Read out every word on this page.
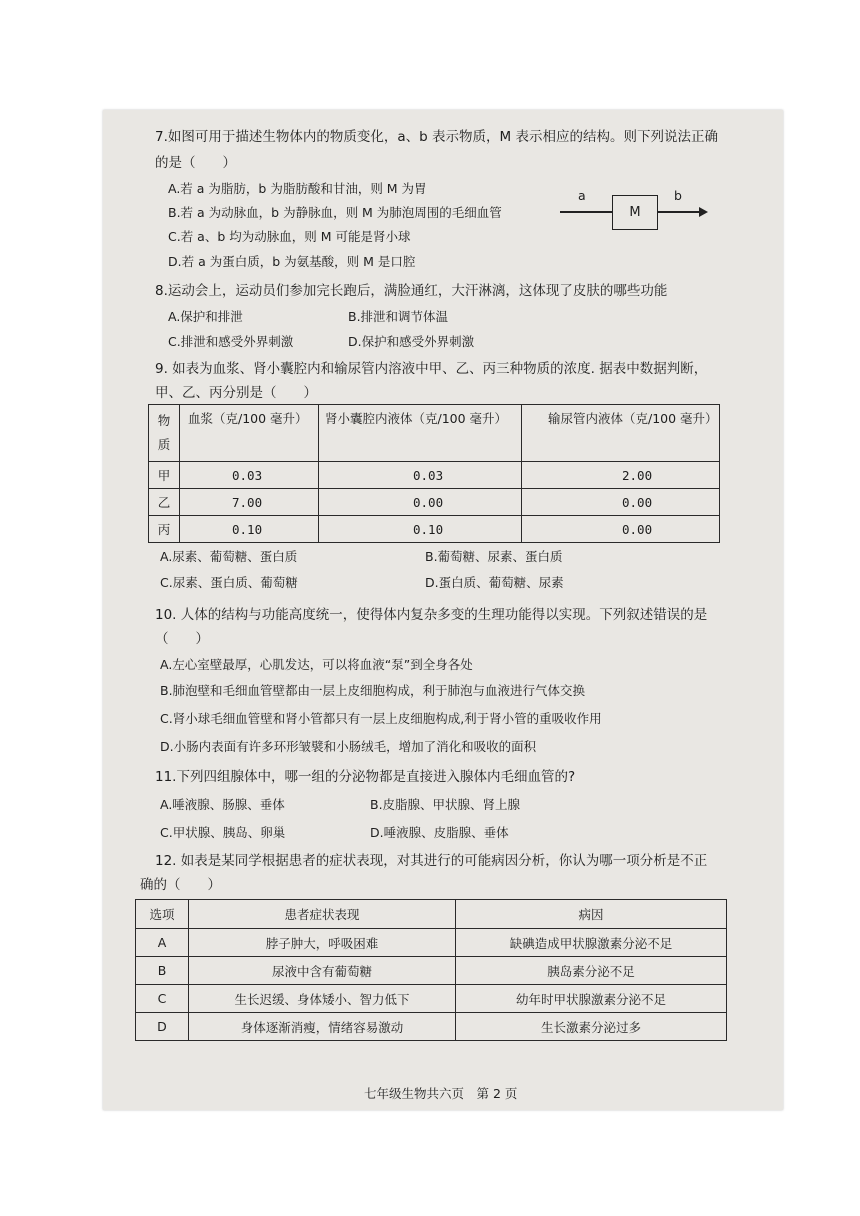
7.如图可用于描述生物体内的物质变化，a、b 表示物质，M 表示相应的结构。则下列说法正确
的是（　　）
A.若 a 为脂肪，b 为脂肪酸和甘油，则 M 为胃
B.若 a 为动脉血，b 为静脉血，则 M 为肺泡周围的毛细血管
C.若 a、b 均为动脉血，则 M 可能是肾小球
D.若 a 为蛋白质，b 为氨基酸，则 M 是口腔
a
M
b
8.运动会上，运动员们参加完长跑后，满脸通红，大汗淋漓，这体现了皮肤的哪些功能
A.保护和排泄	B.排泄和调节体温
C.排泄和感受外界刺激	D.保护和感受外界刺激
9. 如表为血浆、肾小囊腔内和输尿管内溶液中甲、乙、丙三种物质的浓度. 据表中数据判断，
甲、乙、丙分别是（　　）
物
质	血浆（克/100 毫升）	肾小囊腔内液体（克/100 毫升）	输尿管内液体（克/100 毫升）
甲	0.03	0.03	2.00
乙	7.00	0.00	0.00
丙	0.10	0.10	0.00
A.尿素、葡萄糖、蛋白质	B.葡萄糖、尿素、蛋白质
C.尿素、蛋白质、葡萄糖	D.蛋白质、葡萄糖、尿素
10. 人体的结构与功能高度统一，使得体内复杂多变的生理功能得以实现。下列叙述错误的是
（　　）
A.左心室壁最厚，心肌发达，可以将血液“泵”到全身各处
B.肺泡壁和毛细血管壁都由一层上皮细胞构成，利于肺泡与血液进行气体交换
C.肾小球毛细血管壁和肾小管都只有一层上皮细胞构成,利于肾小管的重吸收作用
D.小肠内表面有许多环形皱襞和小肠绒毛，增加了消化和吸收的面积
11.下列四组腺体中，哪一组的分泌物都是直接进入腺体内毛细血管的?
A.唾液腺、肠腺、垂体	B.皮脂腺、甲状腺、肾上腺
C.甲状腺、胰岛、卵巢	D.唾液腺、皮脂腺、垂体
12. 如表是某同学根据患者的症状表现，对其进行的可能病因分析，你认为哪一项分析是不正
确的（　　）
选项	患者症状表现	病因
A	脖子肿大，呼吸困难	缺碘造成甲状腺激素分泌不足
B	尿液中含有葡萄糖	胰岛素分泌不足
C	生长迟缓、身体矮小、智力低下	幼年时甲状腺激素分泌不足
D	身体逐渐消瘦，情绪容易激动	生长激素分泌过多
七年级生物共六页　第 2 页
